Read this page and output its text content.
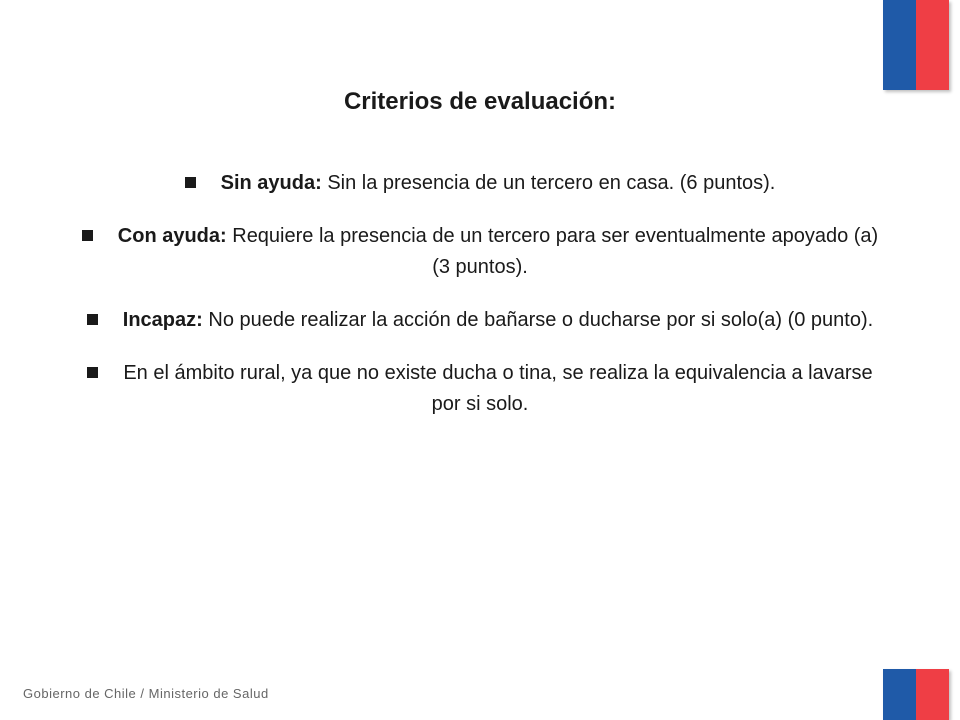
Criterios de evaluación:
Sin ayuda: Sin la presencia de un tercero en casa. (6 puntos).
Con ayuda: Requiere la presencia de un tercero para ser eventualmente apoyado (a) (3 puntos).
Incapaz: No puede realizar la acción de bañarse o ducharse por si solo(a) (0 punto).
En el ámbito rural, ya que no existe ducha o tina, se realiza la equivalencia a lavarse por si solo.
Gobierno de Chile / Ministerio de Salud
